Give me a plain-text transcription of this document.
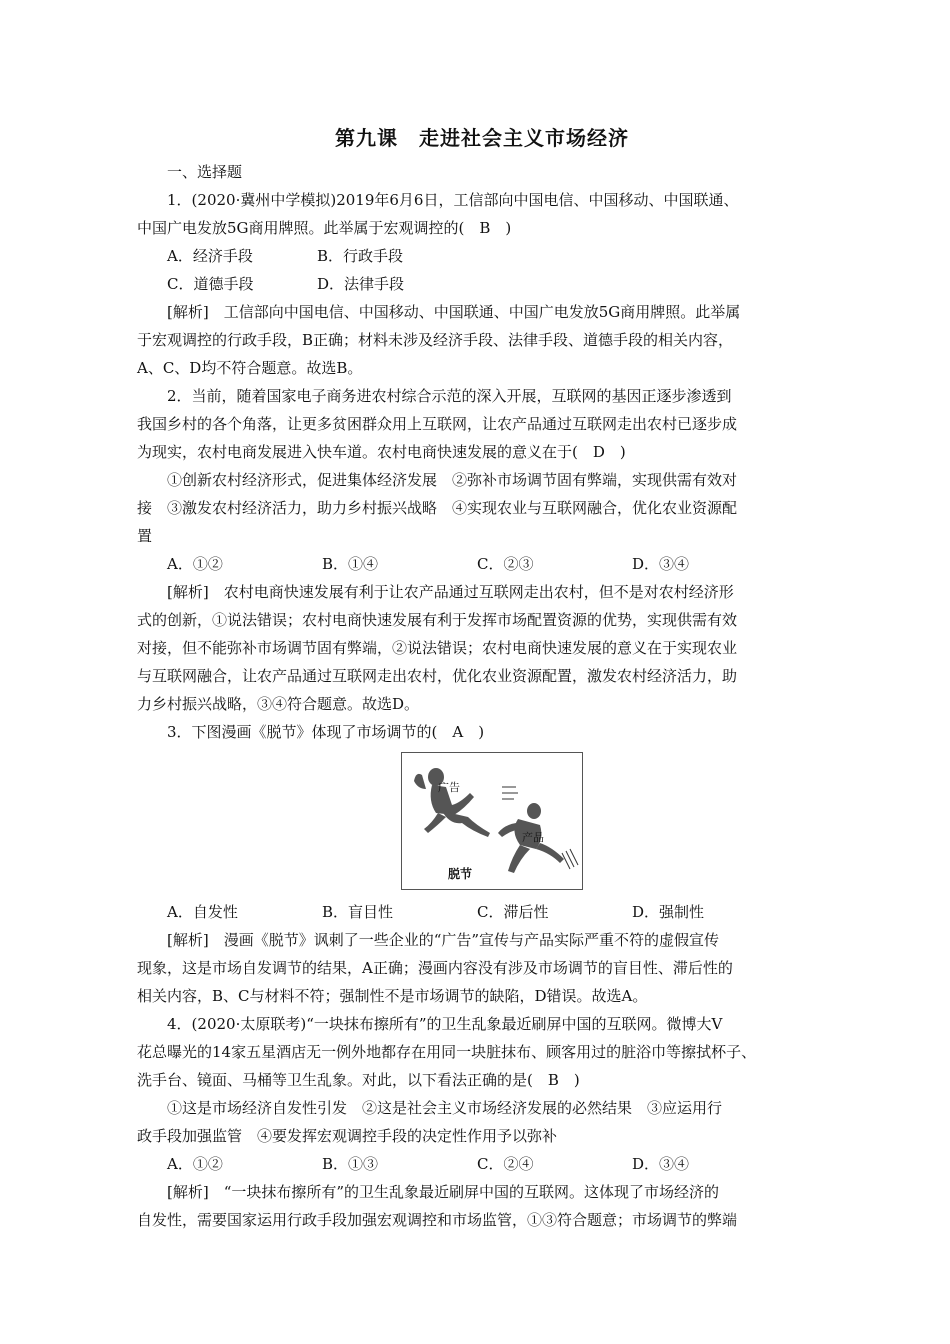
第九课　走进社会主义市场经济

一、选择题

1．(2020·冀州中学模拟)2019年6月6日，工信部向中国电信、中国移动、中国联通、

中国广电发放5G商用牌照。此举属于宏观调控的(　B　)

A．经济手段	B．行政手段
C．道德手段	D．法律手段

[解析]　工信部向中国电信、中国移动、中国联通、中国广电发放5G商用牌照。此举属

于宏观调控的行政手段，B正确；材料未涉及经济手段、法律手段、道德手段的相关内容，

A、C、D均不符合题意。故选B。

2．当前，随着国家电子商务进农村综合示范的深入开展，互联网的基因正逐步渗透到

我国乡村的各个角落，让更多贫困群众用上互联网，让农产品通过互联网走出农村已逐步成

为现实，农村电商发展进入快车道。农村电商快速发展的意义在于(　D　)

①创新农村经济形式，促进集体经济发展　②弥补市场调节固有弊端，实现供需有效对

接　③激发农村经济活力，助力乡村振兴战略　④实现农业与互联网融合，优化农业资源配

置

A．①②	B．①④	C．②③	D．③④

[解析]　农村电商快速发展有利于让农产品通过互联网走出农村，但不是对农村经济形

式的创新，①说法错误；农村电商快速发展有利于发挥市场配置资源的优势，实现供需有效

对接，但不能弥补市场调节固有弊端，②说法错误；农村电商快速发展的意义在于实现农业

与互联网融合，让农产品通过互联网走出农村，优化农业资源配置，激发农村经济活力，助

力乡村振兴战略，③④符合题意。故选D。

3．下图漫画《脱节》体现了市场调节的(　A　)

广告
产品
脱节
A．自发性	B．盲目性	C．滞后性	D．强制性

[解析]　漫画《脱节》讽刺了一些企业的“广告”宣传与产品实际严重不符的虚假宣传

现象，这是市场自发调节的结果，A正确；漫画内容没有涉及市场调节的盲目性、滞后性的

相关内容，B、C与材料不符；强制性不是市场调节的缺陷，D错误。故选A。

4．(2020·太原联考)“一块抹布擦所有”的卫生乱象最近刷屏中国的互联网。微博大V

花总曝光的14家五星酒店无一例外地都存在用同一块脏抹布、顾客用过的脏浴巾等擦拭杯子、

洗手台、镜面、马桶等卫生乱象。对此，以下看法正确的是(　B　)

①这是市场经济自发性引发　②这是社会主义市场经济发展的必然结果　③应运用行

政手段加强监管　④要发挥宏观调控手段的决定性作用予以弥补

A．①②	B．①③	C．②④	D．③④

[解析]　“一块抹布擦所有”的卫生乱象最近刷屏中国的互联网。这体现了市场经济的

自发性，需要国家运用行政手段加强宏观调控和市场监管，①③符合题意；市场调节的弊端
